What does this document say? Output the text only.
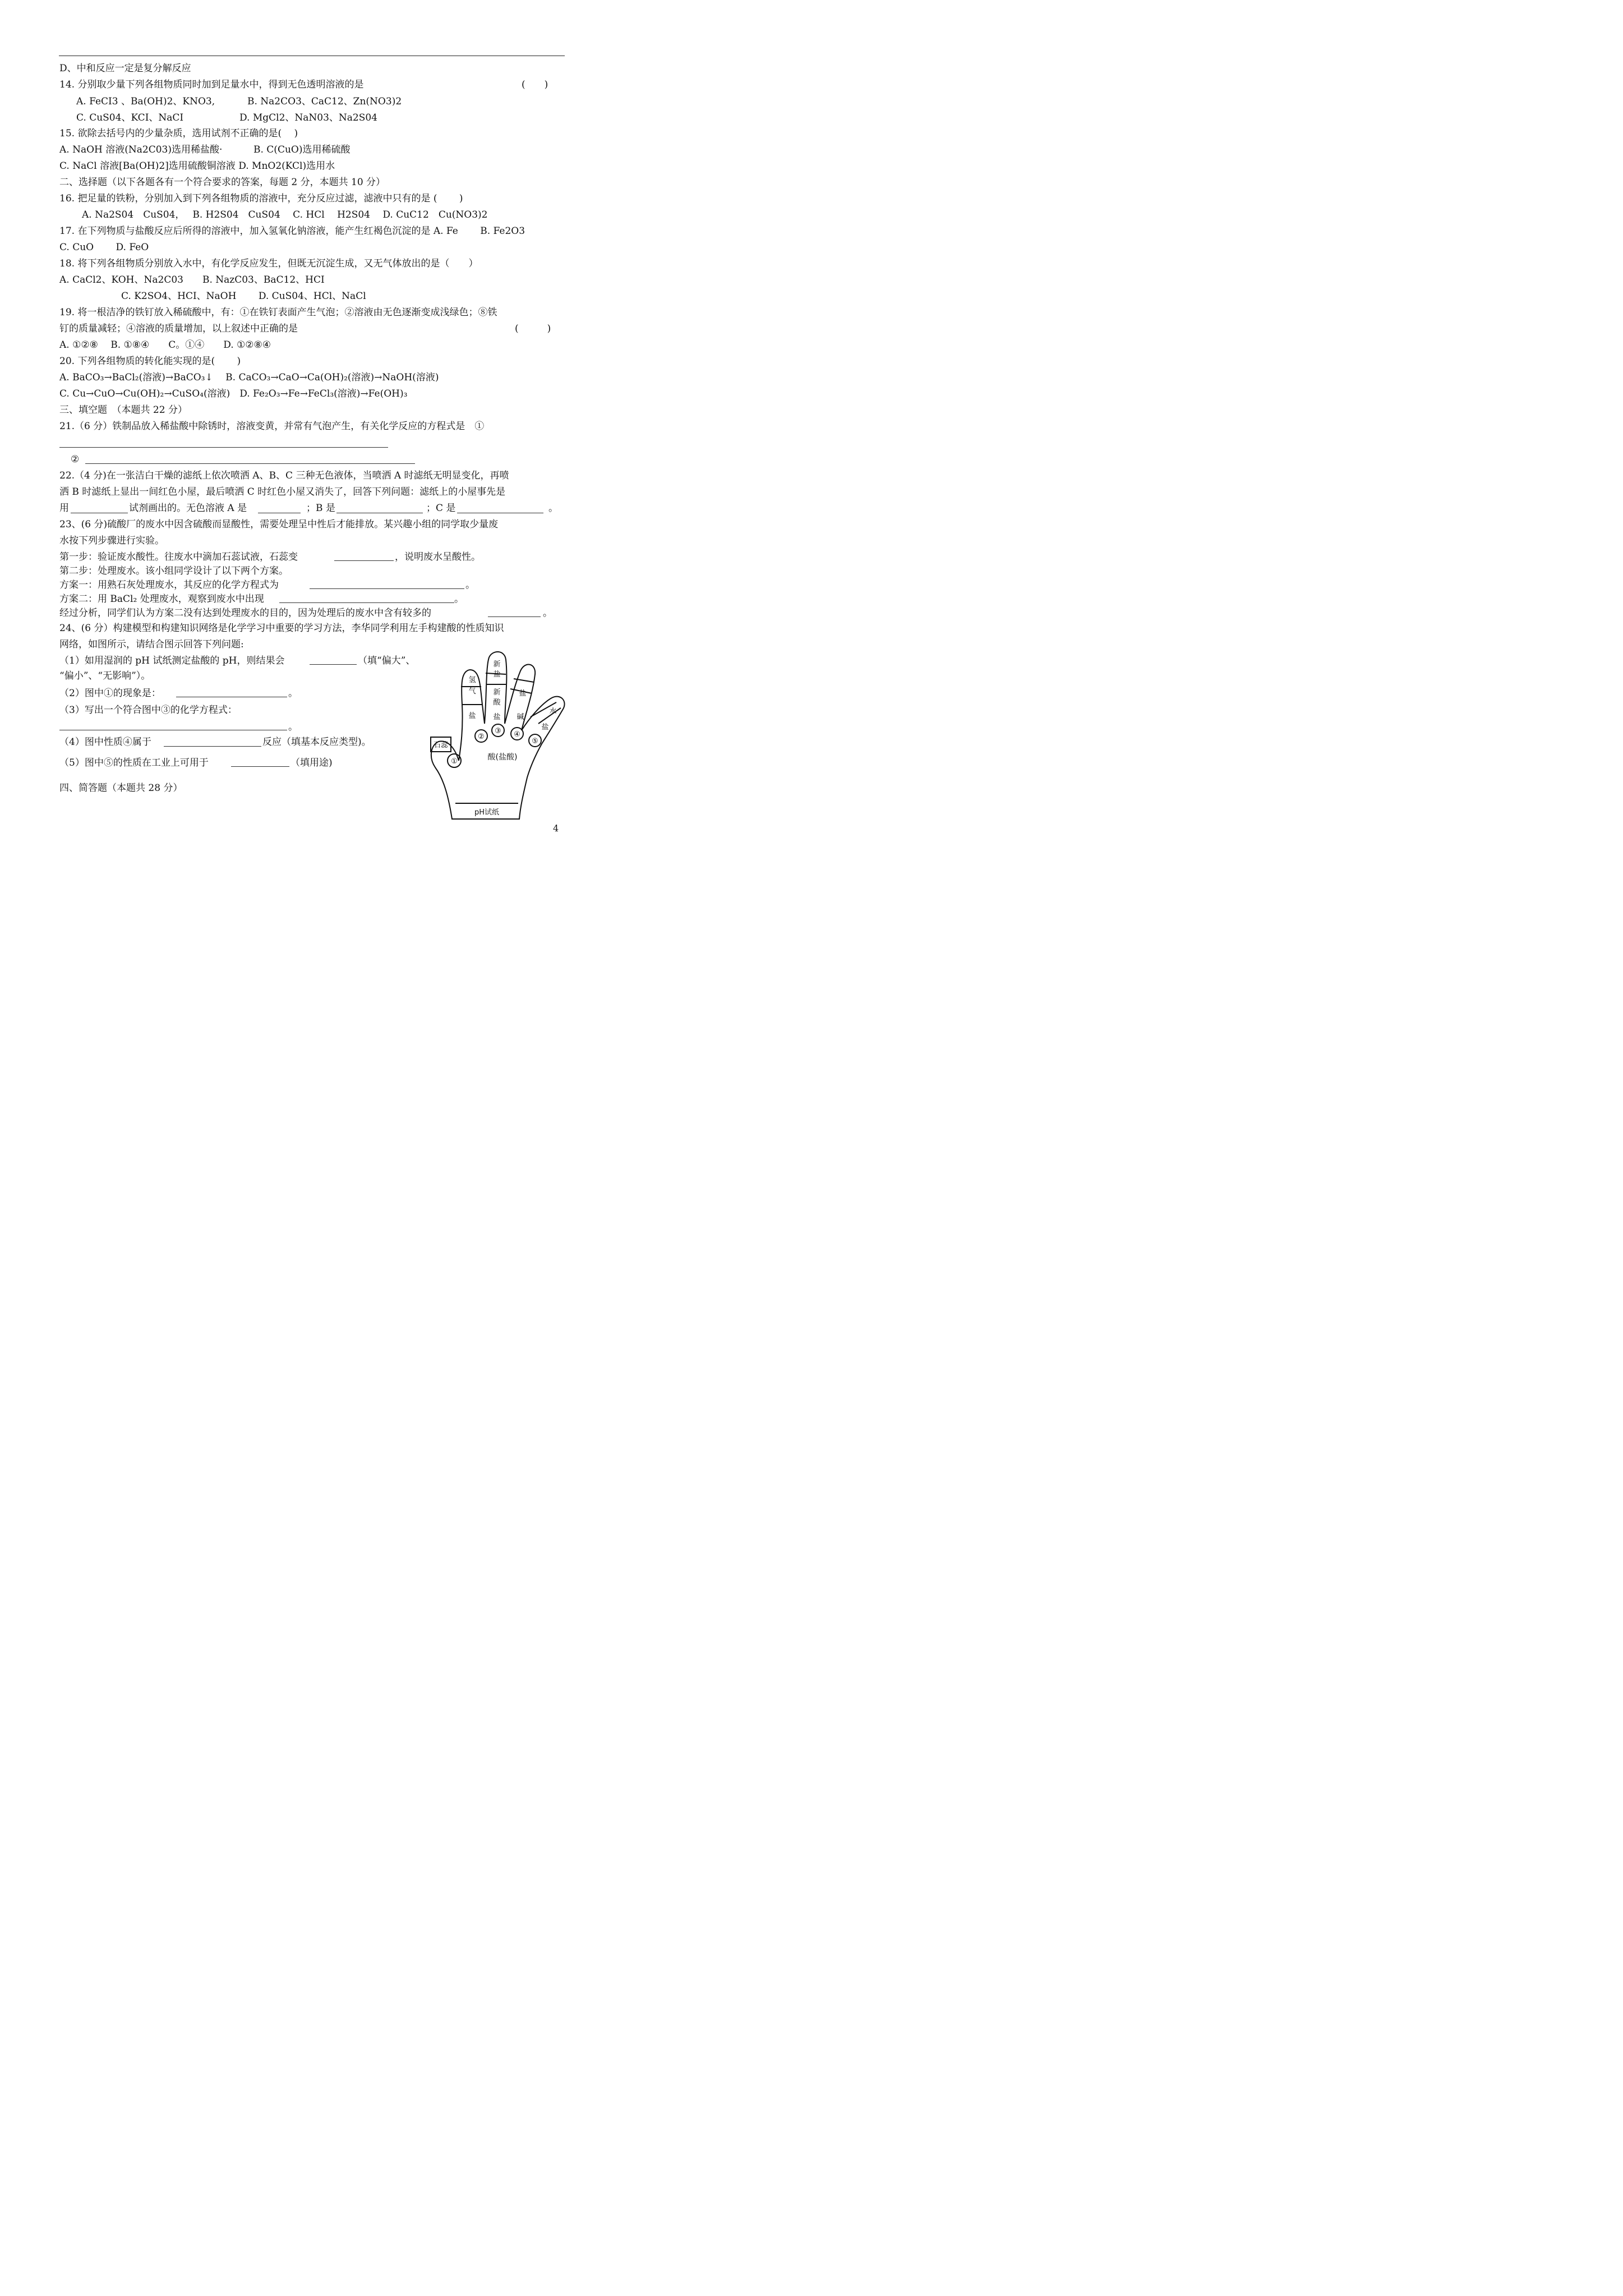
D、中和反应一定是复分解反应
14. 分别取少量下列各组物质同时加到足量水中，得到无色透明溶液的是	(　　)
A. FeCI3 、Ba(OH)2、KNO3,	B. Na2CO3、CaC12、Zn(NO3)2
C. CuS04、KCI、NaCI	D. MgCl2、NaN03、Na2S04
15. 欲除去括号内的少量杂质，选用试剂不正确的是(　 )
A. NaOH 溶液(Na2C03)选用稀盐酸·	B. C(CuO)选用稀硫酸
C. NaCl 溶液[Ba(OH)2]选用硫酸铜溶液 D. MnO2(KCl)选用水
二、选择题（以下各题各有一个符合要求的答案，每题 2 分，本题共 10 分）
16. 把足量的铁粉，分别加入到下列各组物质的溶液中，充分反应过滤，滤液中只有的是 (　　 )
A. Na2S04　CuS04，　 B. H2S04　CuS04　 C. HCl　 H2S04　 D. CuC12　Cu(NO3)2
17. 在下列物质与盐酸反应后所得的溶液中，加入氢氧化钠溶液，能产生红褐色沉淀的是 A. Fe　　 B. Fe2O3
C. CuO　　 D. FeO
18. 将下列各组物质分别放入水中，有化学反应发生，但既无沉淀生成，又无气体放出的是（　　）
A. CaCl2、KOH、Na2C03　　B. NazC03、BaC12、HCI
C. K2SO4、HCI、NaOH　　 D. CuS04、HCl、NaCl
19. 将一根洁净的铁钉放入稀硫酸中，有：①在铁钉表面产生气泡；②溶液由无色逐渐变成浅绿色；⑧铁
钉的质量减轻；④溶液的质量增加，以上叙述中正确的是	(　　　)
A. ①②⑧　 B. ①⑧④　　C。①④　　D. ①②⑧④
20. 下列各组物质的转化能实现的是(　　 )
A. BaCO₃→BaCl₂(溶液)→BaCO₃↓　 B. CaCO₃→CaO→Ca(OH)₂(溶液)→NaOH(溶液)
C. Cu→CuO→Cu(OH)₂→CuSO₄(溶液)　D. Fe₂O₃→Fe→FeCl₃(溶液)→Fe(OH)₃
三、填空题　（本题共 22 分）
21.（6 分）铁制品放入稀盐酸中除锈时，溶液变黄，并常有气泡产生，有关化学反应的方程式是　①
②
22.（4 分)在一张洁白干燥的滤纸上依次喷洒 A、B、C 三种无色液体，当喷洒 A 时滤纸无明显变化，再喷
洒 B 时滤纸上显出一间红色小屋，最后喷洒 C 时红色小屋又消失了，回答下列问题：滤纸上的小屋事先是
用	试剂画出的。无色溶液 A 是	；B 是	；C 是	。
23、(6 分)硫酸厂的废水中因含硫酸而显酸性，需要处理呈中性后才能排放。某兴趣小组的同学取少量废
水按下列步骤进行实验。
第一步：验证废水酸性。往废水中滴加石蕊试液，石蕊变	，说明废水呈酸性。
第二步：处理废水。该小组同学设计了以下两个方案。
方案一：用熟石灰处理废水，其反应的化学方程式为	。
方案二：用 BaCl₂ 处理废水，观察到废水中出现	。
经过分析，同学们认为方案二没有达到处理废水的目的，因为处理后的废水中含有较多的	。
24、(6 分）构建模型和构建知识网络是化学学习中重要的学习方法，李华同学利用左手构建酸的性质知识
网络，如图所示，请结合图示回答下列问题:
（1）如用湿润的 pH 试纸测定盐酸的 pH，则结果会	（填“偏大”、
“偏小”、“无影响”）。
（2）图中①的现象是：	。
（3）写出一个符合图中③的化学方程式：
。
（4）图中性质④属于	反应（填基本反应类型)。
（5）图中⑤的性质在工业上可用于	（填用途)
四、简答题（本题共 28 分）
石蕊
氢
气
盐
新
盐
新
酸
盐
盐
碱
水
盐
①
②
③ ④
⑤
酸(盐酸)
pH试纸
4
